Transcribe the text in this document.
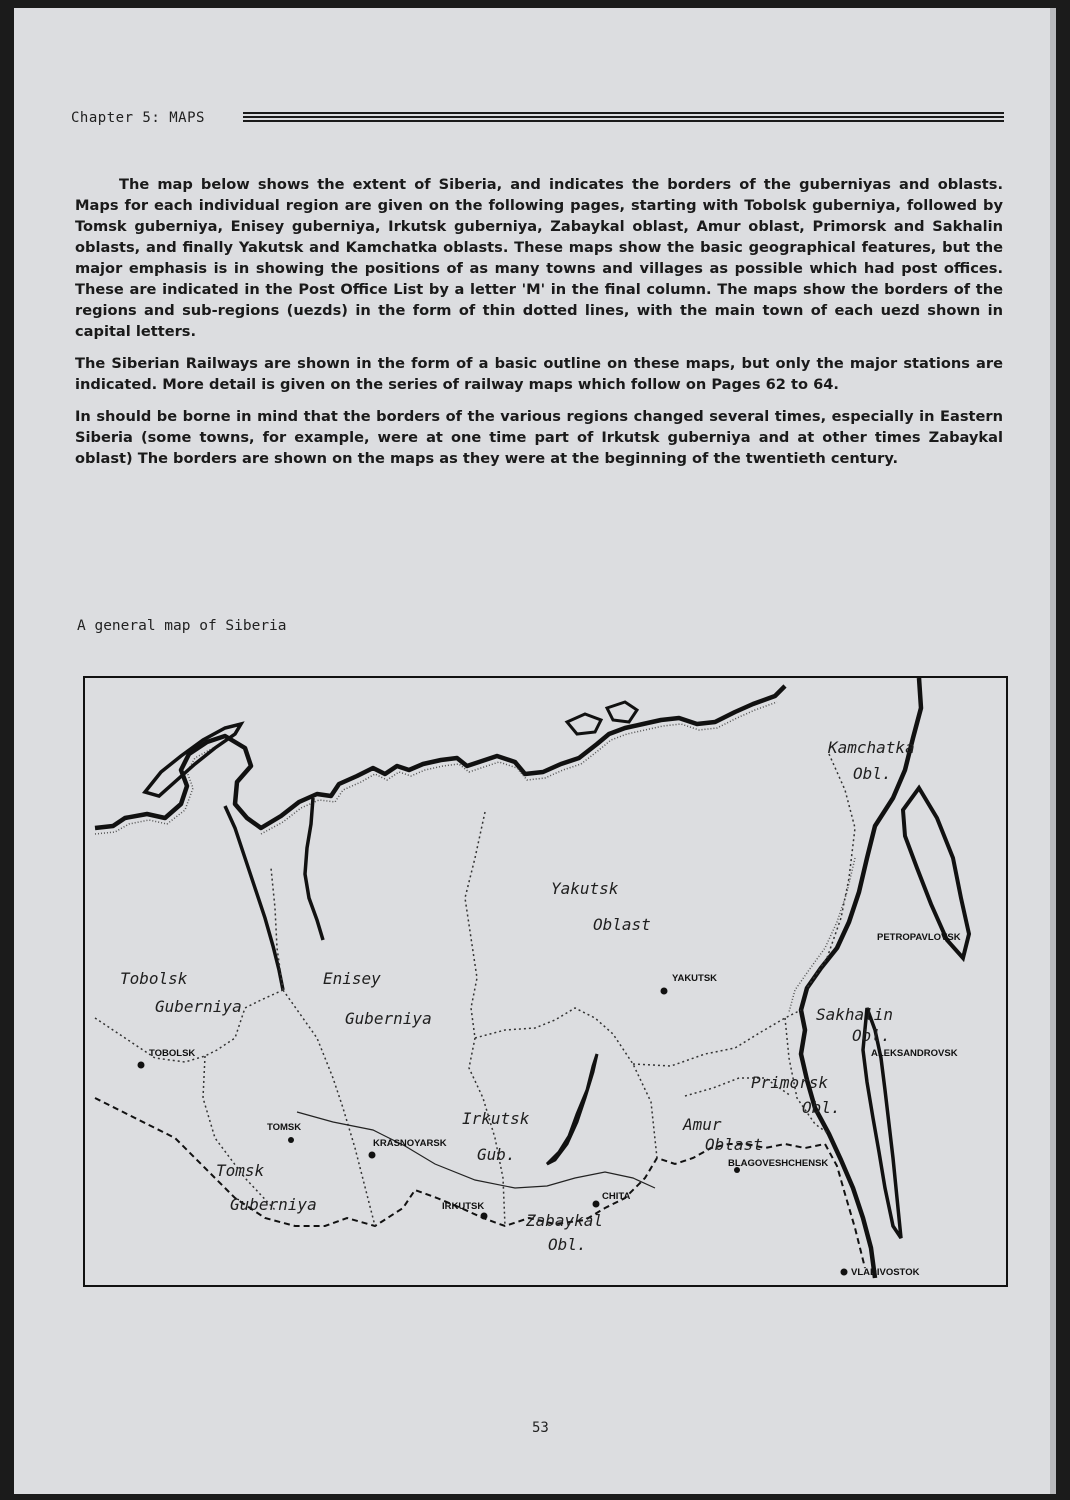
Chapter 5: MAPS

The map below shows the extent of Siberia, and indicates the borders of the guberniyas and oblasts. Maps for each individual region are given on the following pages, starting with Tobolsk guberniya, followed by Tomsk guberniya, Enisey guberniya, Irkutsk guberniya, Zabaykal oblast, Amur oblast, Primorsk and Sakhalin oblasts, and finally Yakutsk and Kamchatka oblasts. These maps show the basic geographical features, but the major emphasis is in showing the positions of as many towns and villages as possible which had post offices. These are indicated in the Post Office List by a letter 'M' in the final column. The maps show the borders of the regions and sub-regions (uezds) in the form of thin dotted lines, with the main town of each uezd shown in capital letters.

The Siberian Railways are shown in the form of a basic outline on these maps, but only the major stations are indicated. More detail is given on the series of railway maps which follow on Pages 62 to 64.

In should be borne in mind that the borders of the various regions changed several times, especially in Eastern Siberia (some towns, for example, were at one time part of Irkutsk guberniya and at other times Zabaykal oblast) The borders are shown on the maps as they were at the beginning of the twentieth century.

A general map of Siberia
Kamchatka
Obl.
Yakutsk
Oblast
Tobolsk
Guberniya
Enisey
Guberniya	Sakhalin
Obl.
Primorsk
Obl.
Irkutsk
Gub.
Amur
Oblast
Tomsk
Guberniya
Zabaykal
Obl.
PETROPAVLOVSK
YAKUTSK
TOBOLSK	ALEKSANDROVSK
TOMSK
KRASNOYARSK
BLAGOVESHCHENSK
CHITA
IRKUTSK
VLADIVOSTOK
53
